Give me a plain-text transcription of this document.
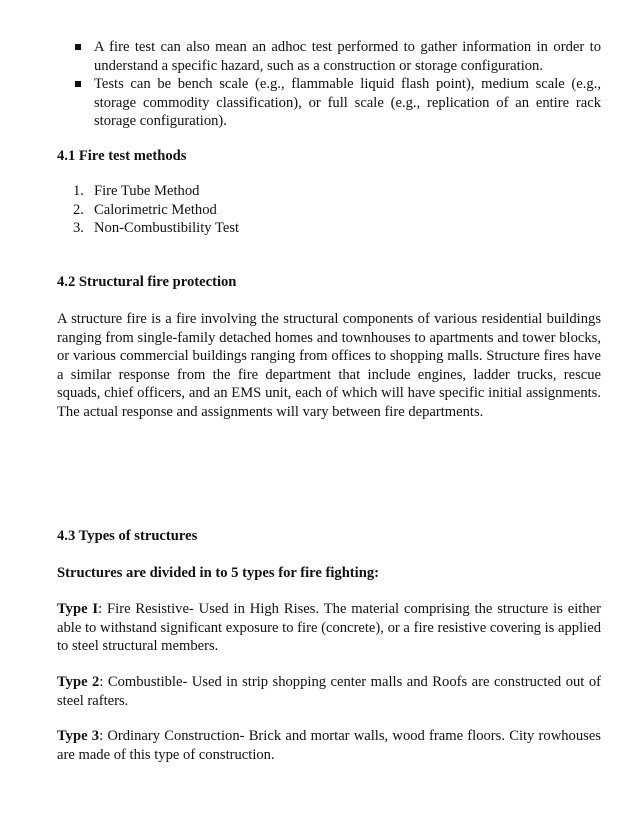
A fire test can also mean an adhoc test performed to gather information in order to understand a specific hazard, such as a construction or storage configuration.
Tests can be bench scale (e.g., flammable liquid flash point), medium scale (e.g., storage commodity classification), or full scale (e.g., replication of an entire rack storage configuration).

4.1 Fire test methods

1. Fire Tube Method
2. Calorimetric Method
3. Non-Combustibility Test

4.2 Structural fire protection

A structure fire is a fire involving the structural components of various residential buildings ranging from single-family detached homes and townhouses to apartments and tower blocks, or various commercial buildings ranging from offices to shopping malls. Structure fires have a similar response from the fire department that include engines, ladder trucks, rescue squads, chief officers, and an EMS unit, each of which will have specific initial assignments. The actual response and assignments will vary between fire departments.

4.3 Types of structures

Structures are divided in to 5 types for fire fighting:

Type I: Fire Resistive- Used in High Rises. The material comprising the structure is either able to withstand significant exposure to fire (concrete), or a fire resistive covering is applied to steel structural members.

Type 2: Combustible- Used in strip shopping center malls and Roofs are constructed out of steel rafters.

Type 3: Ordinary Construction- Brick and mortar walls, wood frame floors. City rowhouses are made of this type of construction.
